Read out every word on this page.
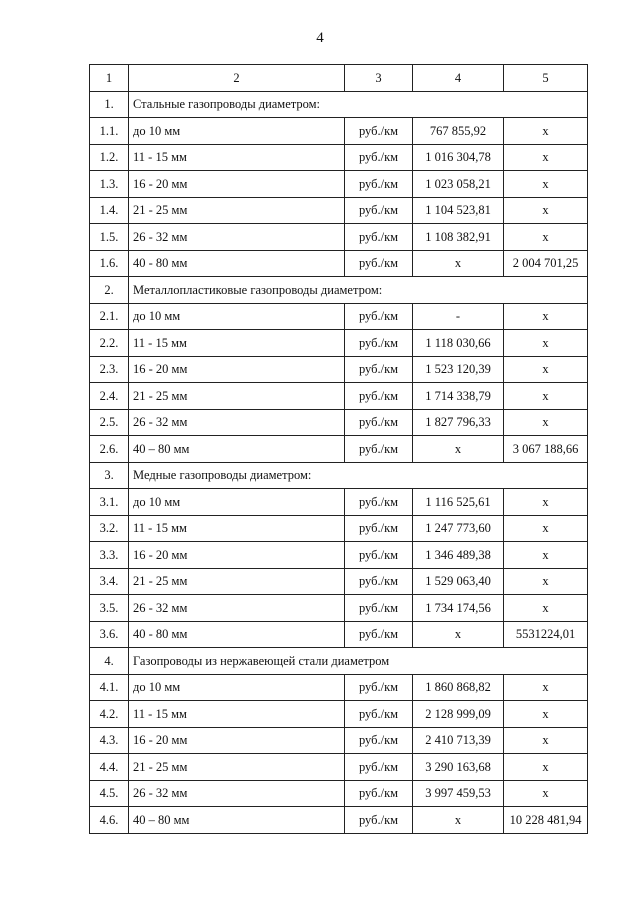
4
1	2	3	4	5
1.	Стальные газопроводы диаметром:			
1.1.	до 10 мм	руб./км	767 855,92	х
1.2.	11 - 15 мм	руб./км	1 016 304,78	х
1.3.	16 - 20 мм	руб./км	1 023 058,21	х
1.4.	21 - 25 мм	руб./км	1 104 523,81	х
1.5.	26 - 32 мм	руб./км	1 108 382,91	х
1.6.	40 - 80 мм	руб./км	х	2 004 701,25
2.	Металлопластиковые газопроводы диаметром:			
2.1.	до 10 мм	руб./км	-	х
2.2.	11 - 15 мм	руб./км	1 118 030,66	х
2.3.	16 - 20 мм	руб./км	1 523 120,39	х
2.4.	21 - 25 мм	руб./км	1 714 338,79	х
2.5.	26 - 32 мм	руб./км	1 827 796,33	х
2.6.	40 – 80 мм	руб./км	х	3 067 188,66
3.	Медные газопроводы диаметром:			
3.1.	до 10 мм	руб./км	1 116 525,61	х
3.2.	11 - 15 мм	руб./км	1 247 773,60	х
3.3.	16 - 20 мм	руб./км	1 346 489,38	х
3.4.	21 - 25 мм	руб./км	1 529 063,40	х
3.5.	26 - 32 мм	руб./км	1 734 174,56	х
3.6.	40 - 80 мм	руб./км	х	5531224,01
4.	Газопроводы из нержавеющей стали диаметром			
4.1.	до 10 мм	руб./км	1 860 868,82	х
4.2.	11 - 15 мм	руб./км	2 128 999,09	х
4.3.	16 - 20 мм	руб./км	2 410 713,39	х
4.4.	21 - 25 мм	руб./км	3 290 163,68	х
4.5.	26 - 32 мм	руб./км	3 997 459,53	х
4.6.	40 – 80 мм	руб./км	х	10 228 481,94
